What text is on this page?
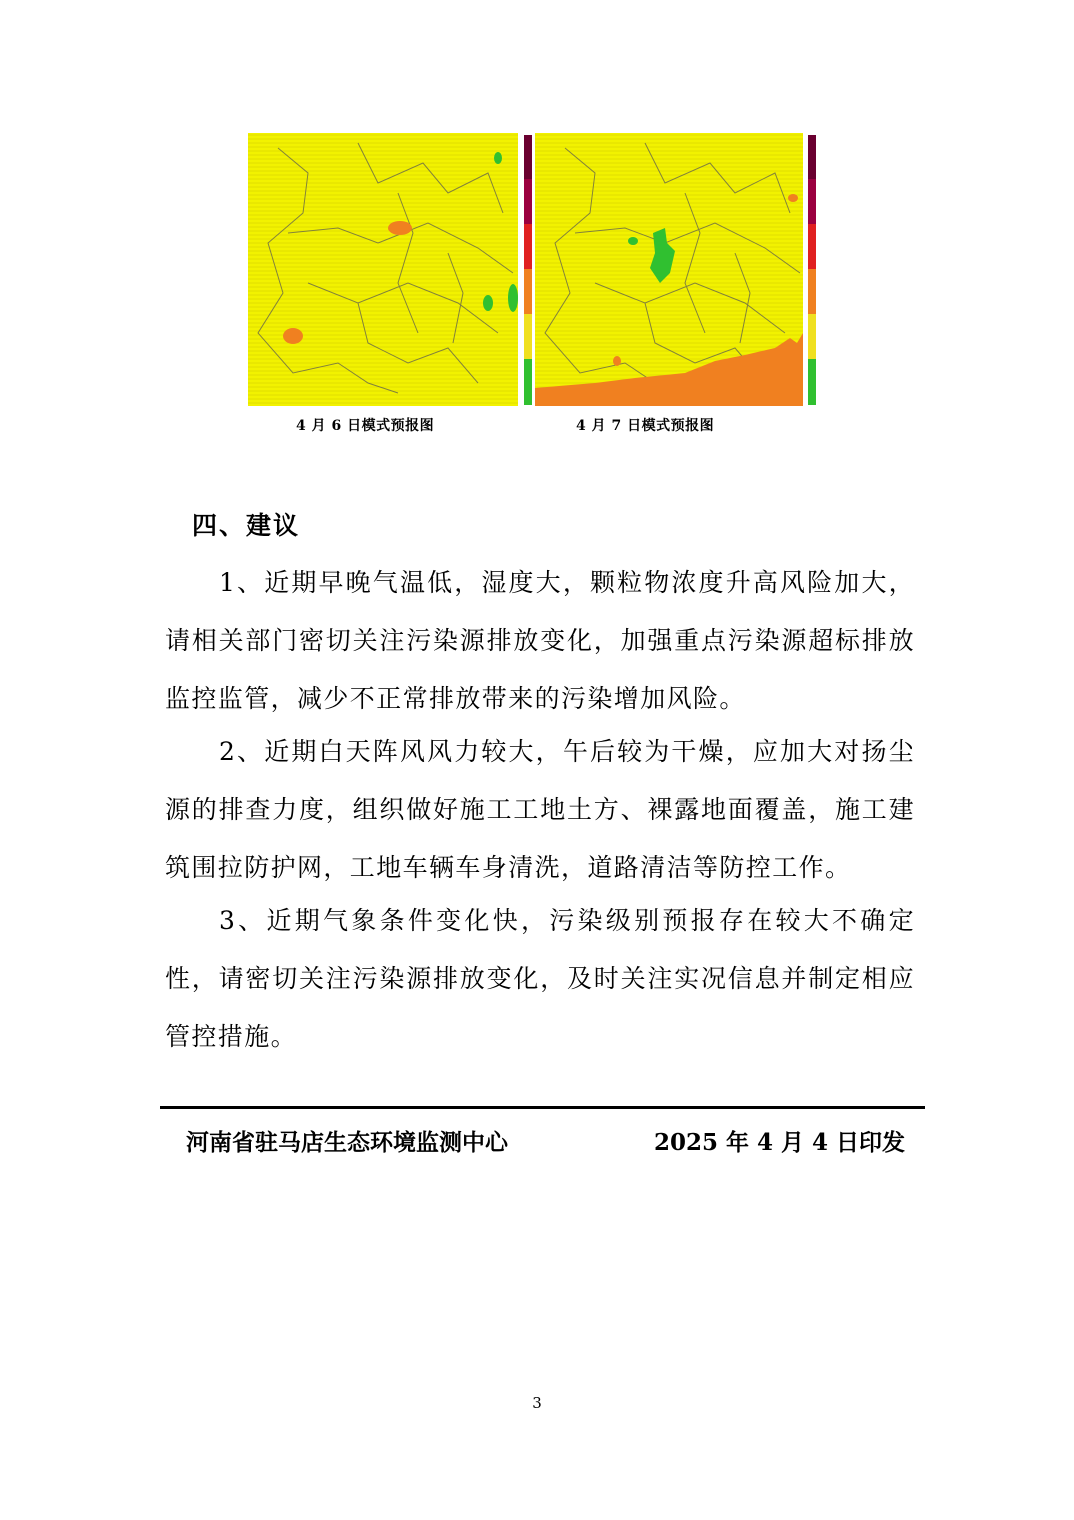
4 月 6 日模式预报图	4 月 7 日模式预报图
四、建议

1、近期早晚气温低，湿度大，颗粒物浓度升高风险加大，请相关部门密切关注污染源排放变化，加强重点污染源超标排放监控监管，减少不正常排放带来的污染增加风险。

2、近期白天阵风风力较大，午后较为干燥，应加大对扬尘源的排查力度，组织做好施工工地土方、裸露地面覆盖，施工建筑围拉防护网，工地车辆车身清洗，道路清洁等防控工作。

3、近期气象条件变化快，污染级别预报存在较大不确定性，请密切关注污染源排放变化，及时关注实况信息并制定相应管控措施。

河南省驻马店生态环境监测中心	2025 年 4 月 4 日印发
3
